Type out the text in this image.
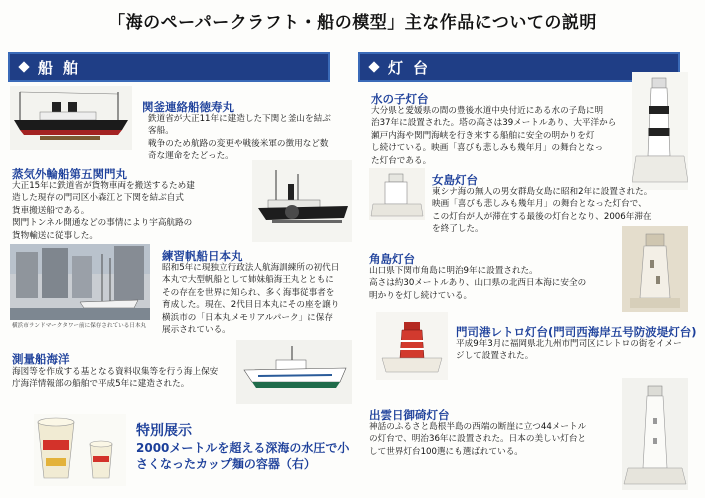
「海のペーパークラフト・船の模型」主な作品についての説明
船舶	灯台
関釜連絡船徳寿丸
鉄道省が大正11年に建造した下関と釜山を結ぶ
客船。
戦争のため航路の変更や戦後米軍の徴用など数
奇な運命をたどった。
蒸気外輪船第五関門丸
大正15年に鉄道省が貨物車両を搬送するため建
造した現存の門司区小森江と下関を結ぶ自式
貨車搬送船である。
関門トンネル開通などの事情により宇高航路の
貨物輸送に従事した。
横浜市ランドマークタワー前に保存されている日本丸
練習帆船日本丸
昭和5年に現独立行政法人航海訓練所の初代日
本丸で大型帆船として姉妹船海王丸とともに
その存在を世界に知られ、多く海事従事者を
育成した。現在、2代目日本丸にその座を譲り
横浜市の「日本丸メモリアルパーク」に保存
展示されている。
測量船海洋
海図等を作成する基となる資料収集等を行う海上保安
庁海洋情報部の船舶で平成5年に建造された。
特別展示
2000メートルを超える深海の水圧で小
さくなったカップ麺の容器（右）
水の子灯台
大分県と愛媛県の間の豊後水道中央付近にある水の子島に明
治37年に設置された。塔の高さは39メートルあり、大平洋から
瀬戸内海や関門海峡を行き来する船舶に安全の明かりを灯
し続けている。映画「喜びも悲しみも幾年月」の舞台となっ
た灯台である。
女島灯台
東シナ海の無人の男女群島女島に昭和2年に設置された。
映画「喜びも悲しみも幾年月」の舞台となった灯台で、
この灯台が人が滞在する最後の灯台となり、2006年滞在
を終了した。
角島灯台
山口県下関市角島に明治9年に設置された。
高さは約30メートルあり、山口県の北西日本海に安全の
明かりを灯し続けている。
門司港レトロ灯台(門司西海岸五号防波堤灯台)
平成9年3月に福岡県北九州市門司区にレトロの街をイメー
ジして設置された。
出雲日御碕灯台
神話のふるさと島根半島の西端の断崖に立つ44メートル
の灯台で、明治36年に設置された。日本の美しい灯台と
して世界灯台100選にも選ばれている。
